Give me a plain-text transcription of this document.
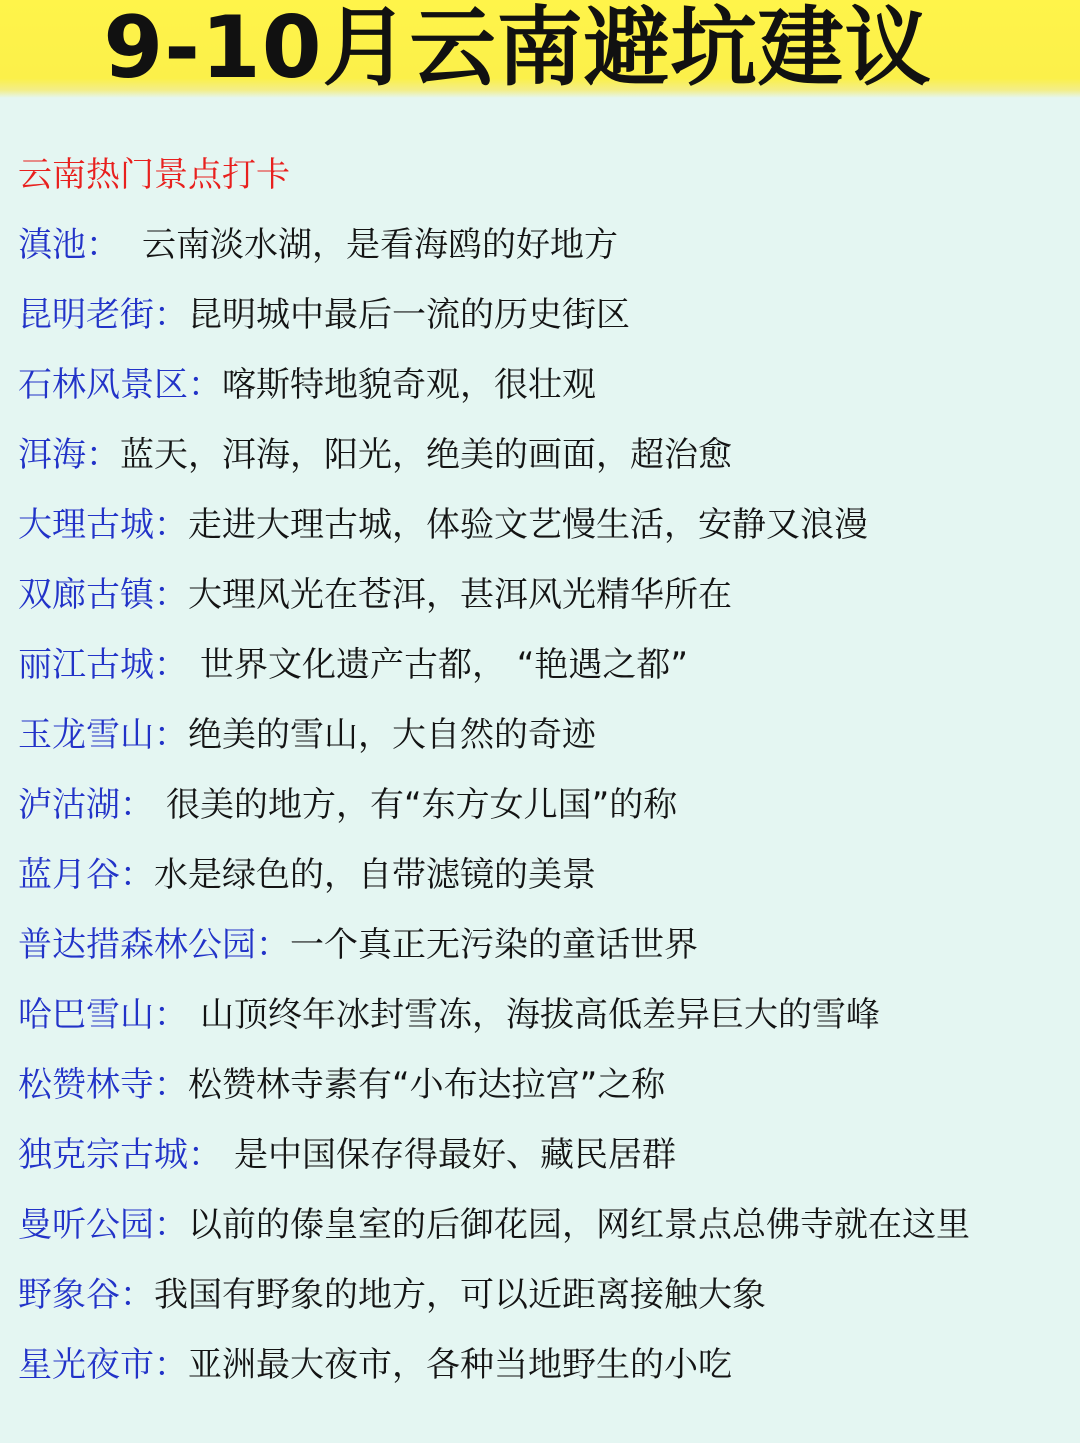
9-10月云南避坑建议
云南热门景点打卡
滇池： 云南淡水湖，是看海鸥的好地方
昆明老街：昆明城中最后一流的历史街区
石林风景区：喀斯特地貌奇观，很壮观
洱海：蓝天，洱海，阳光，绝美的画面，超治愈
大理古城：走进大理古城，体验文艺慢生活，安静又浪漫
双廊古镇：大理风光在苍洱，甚洱风光精华所在
丽江古城： 世界文化遗产古都， “艳遇之都”
玉龙雪山：绝美的雪山，大自然的奇迹
泸沽湖： 很美的地方，有“东方女儿国”的称
蓝月谷：水是绿色的，自带滤镜的美景
普达措森林公园：一个真正无污染的童话世界
哈巴雪山： 山顶终年冰封雪冻，海拔高低差异巨大的雪峰
松赞林寺：松赞林寺素有“小布达拉宫”之称
独克宗古城： 是中国保存得最好、藏民居群
曼听公园：以前的傣皇室的后御花园，网红景点总佛寺就在这里
野象谷：我国有野象的地方，可以近距离接触大象
星光夜市：亚洲最大夜市，各种当地野生的小吃
